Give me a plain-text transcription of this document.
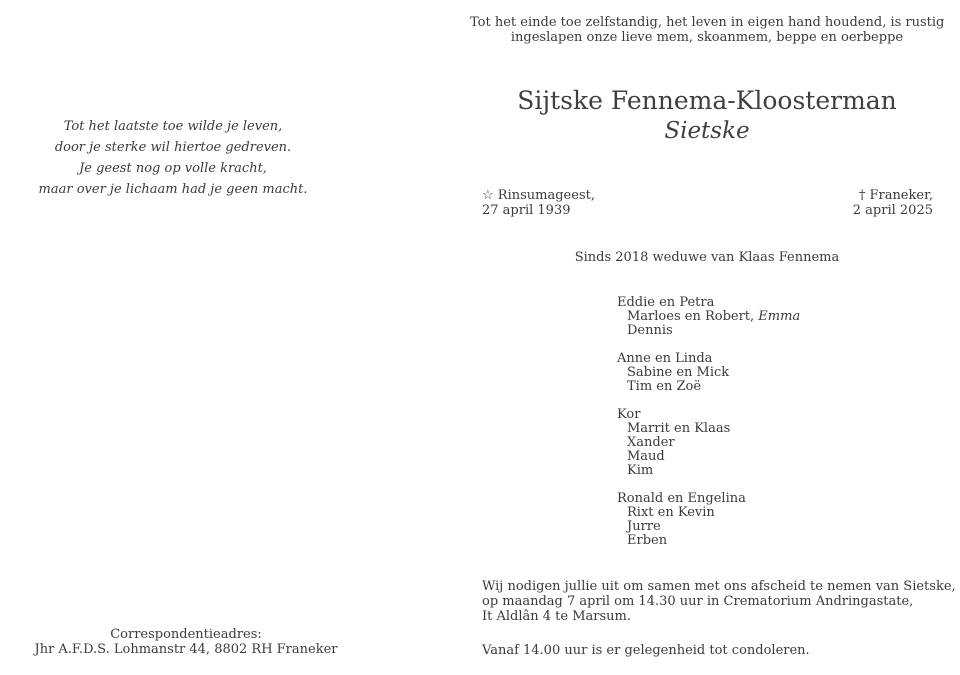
Tot het laatste toe wilde je leven,
door je sterke wil hiertoe gedreven.
Je geest nog op volle kracht,
maar over je lichaam had je geen macht.
Correspondentieadres:
Jhr A.F.D.S. Lohmanstr 44, 8802 RH Franeker
Tot het einde toe zelfstandig, het leven in eigen hand houdend, is rustig
ingeslapen onze lieve mem, skoanmem, beppe en oerbeppe
Sijtske Fennema-Kloosterman
Sietske
☆ Rinsumageest,
27 april 1939
† Franeker,
2 april 2025
Sinds 2018 weduwe van Klaas Fennema
Eddie en Petra
Marloes en Robert, Emma
Dennis
Anne en Linda
Sabine en Mick
Tim en Zoë
Kor
Marrit en Klaas
Xander
Maud
Kim
Ronald en Engelina
Rixt en Kevin
Jurre
Erben
Wij nodigen jullie uit om samen met ons afscheid te nemen van Sietske,
op maandag 7 april om 14.30 uur in Crematorium Andringastate,
It Aldlân 4 te Marsum.
Vanaf 14.00 uur is er gelegenheid tot condoleren.
